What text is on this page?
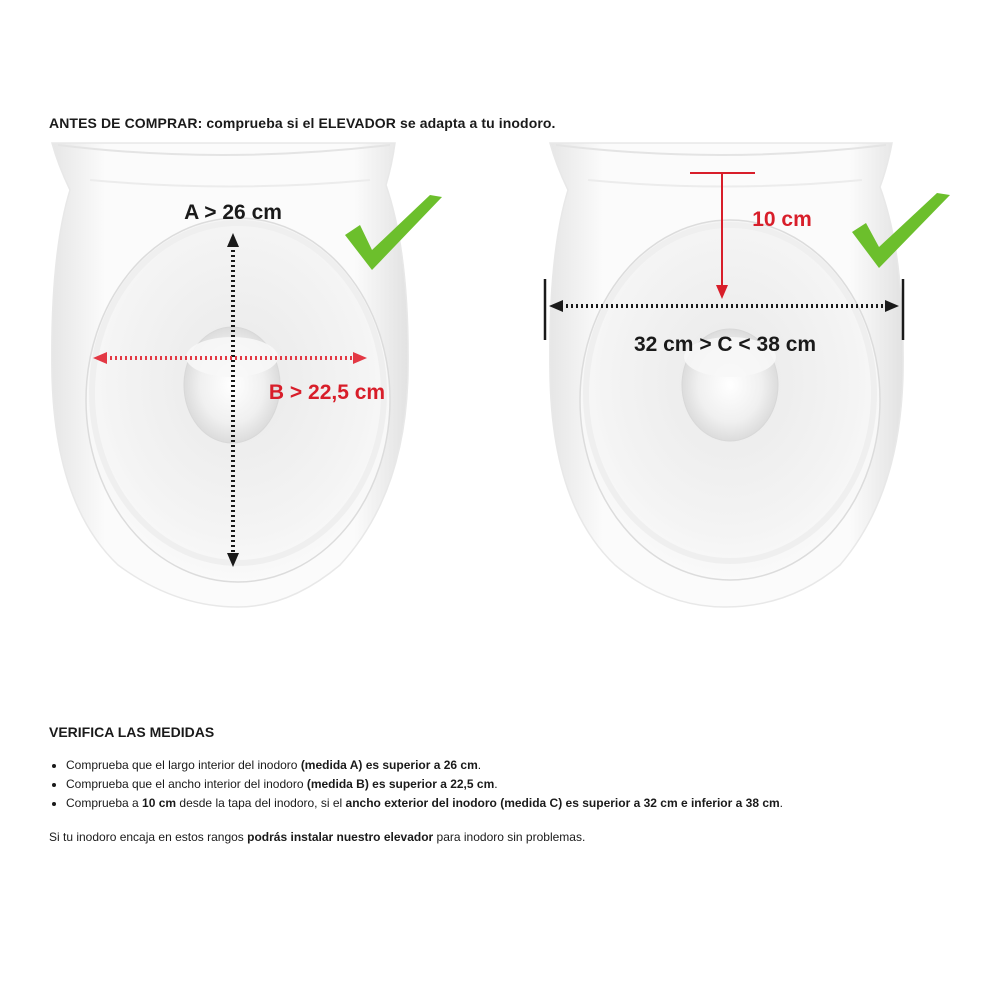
ANTES DE COMPRAR: comprueba si el ELEVADOR se adapta a tu inodoro.
A > 26 cm
B > 22,5 cm
10 cm
32 cm > C < 38 cm
VERIFICA LAS MEDIDAS
• Comprueba que el largo interior del inodoro (medida A) es superior a 26 cm.
• Comprueba que el ancho interior del inodoro (medida B) es superior a 22,5 cm.
• Comprueba a 10 cm desde la tapa del inodoro, si el ancho exterior del inodoro (medida C) es superior a 32 cm e inferior a 38 cm.
Si tu inodoro encaja en estos rangos podrás instalar nuestro elevador para inodoro sin problemas.
